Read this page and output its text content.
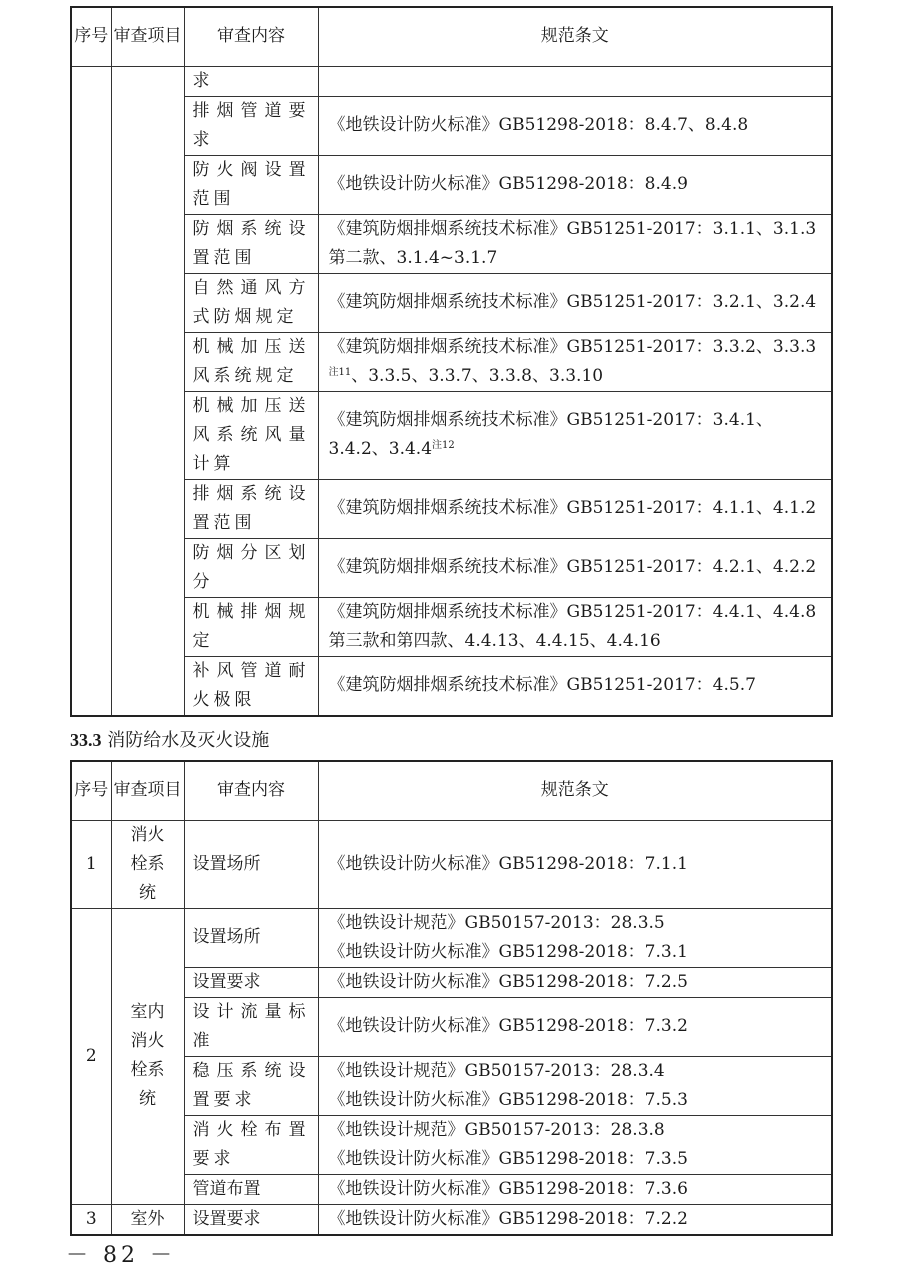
序号	审查项目	审查内容	规范条文
		求	
		排烟管道要求	《地铁设计防火标准》GB51298-2018：8.4.7、8.4.8
		防火阀设置范围	《地铁设计防火标准》GB51298-2018：8.4.9
		防烟系统设置范围	《建筑防烟排烟系统技术标准》GB51251-2017：3.1.1、3.1.3第二款、3.1.4~3.1.7
		自然通风方式防烟规定	《建筑防烟排烟系统技术标准》GB51251-2017：3.2.1、3.2.4
		机械加压送风系统规定	《建筑防烟排烟系统技术标准》GB51251-2017：3.3.2、3.3.3$^{注11}$、3.3.5、3.3.7、3.3.8、3.3.10
		机械加压送风系统风量计算	《建筑防烟排烟系统技术标准》GB51251-2017：3.4.1、3.4.2、3.4.4$^{注12}$
		排烟系统设置范围	《建筑防烟排烟系统技术标准》GB51251-2017：4.1.1、4.1.2
		防烟分区划分	《建筑防烟排烟系统技术标准》GB51251-2017：4.2.1、4.2.2
		机械排烟规定	《建筑防烟排烟系统技术标准》GB51251-2017：4.4.1、4.4.8第三款和第四款、4.4.13、4.4.15、4.4.16
		补风管道耐火极限	《建筑防烟排烟系统技术标准》GB51251-2017：4.5.7
33.3 消防给水及灭火设施
序号	审查项目	审查内容	规范条文
1	消火栓系统	设置场所	《地铁设计防火标准》GB51298-2018：7.1.1

2	室内消火栓系统	设置场所	《地铁设计规范》GB50157-2013：28.3.5
《地铁设计防火标准》GB51298-2018：7.3.1

		设置要求	《地铁设计防火标准》GB51298-2018：7.2.5

		设计流量标准	《地铁设计防火标准》GB51298-2018：7.3.2

		稳压系统设置要求	《地铁设计规范》GB50157-2013：28.3.4
《地铁设计防火标准》GB51298-2018：7.5.3

		消火栓布置要求	《地铁设计规范》GB50157-2013：28.3.8
《地铁设计防火标准》GB51298-2018：7.3.5

		管道布置	《地铁设计防火标准》GB51298-2018：7.3.6

3	室外	设置要求	《地铁设计防火标准》GB51298-2018：7.2.2
－ 82 －
